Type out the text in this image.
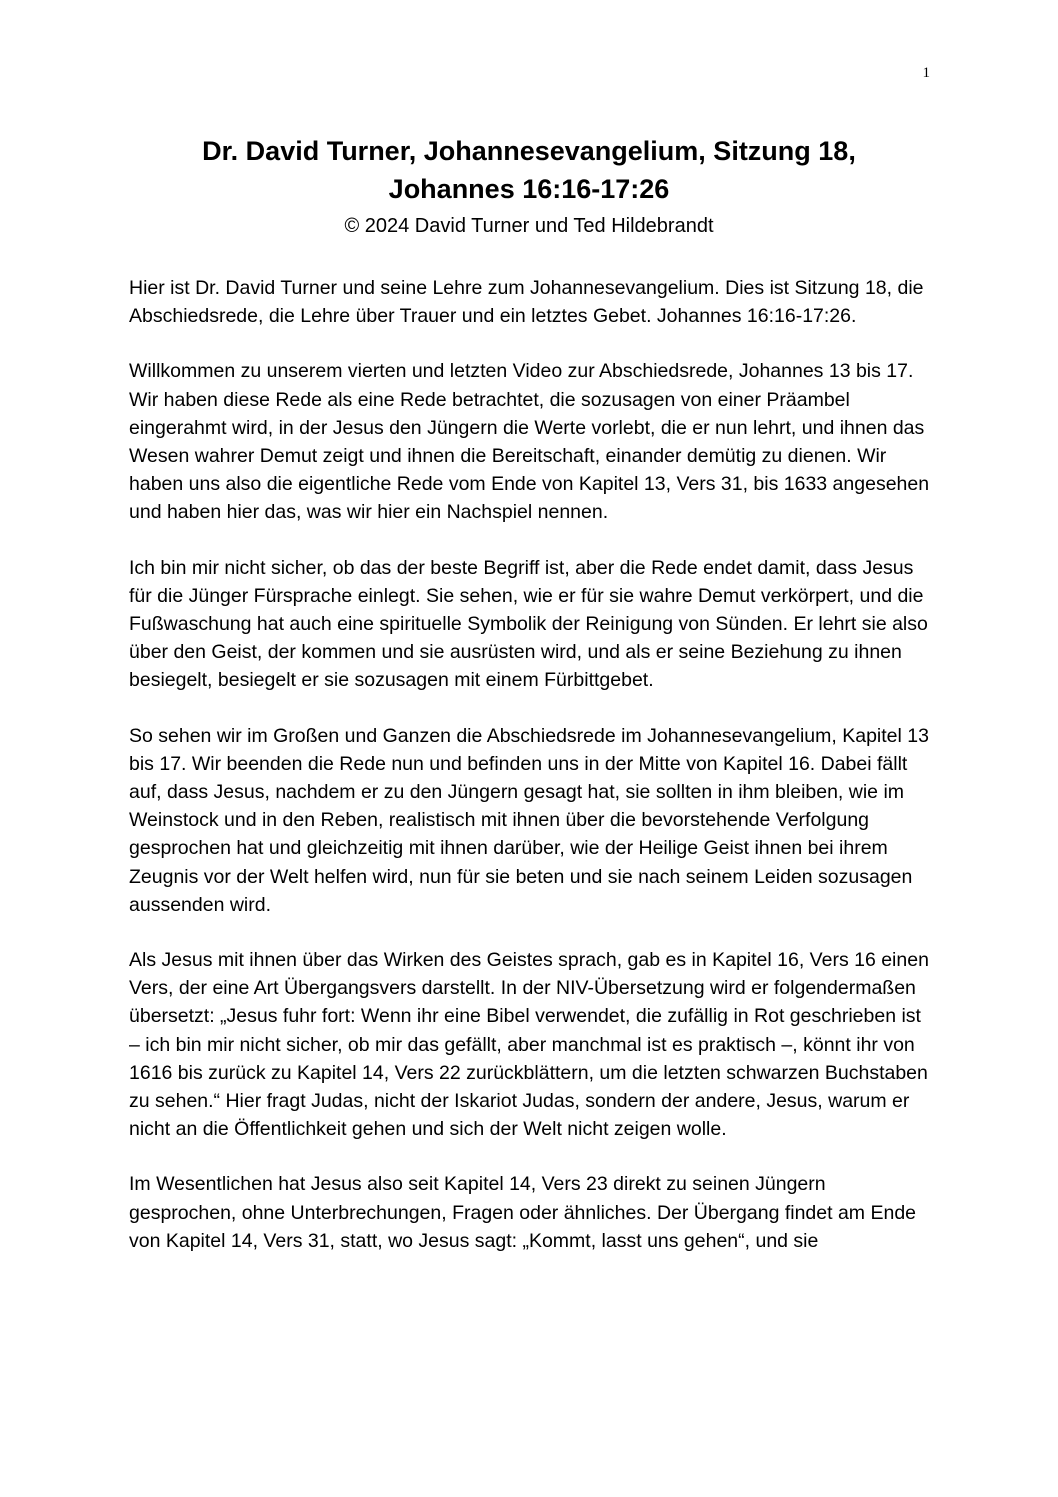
1
Dr. David Turner, Johannesevangelium, Sitzung 18,
Johannes 16:16-17:26
© 2024 David Turner und Ted Hildebrandt

Hier ist Dr. David Turner und seine Lehre zum Johannesevangelium. Dies ist Sitzung 18, die Abschiedsrede, die Lehre über Trauer und ein letztes Gebet. Johannes 16:16-17:26.

Willkommen zu unserem vierten und letzten Video zur Abschiedsrede, Johannes 13 bis 17. Wir haben diese Rede als eine Rede betrachtet, die sozusagen von einer Präambel eingerahmt wird, in der Jesus den Jüngern die Werte vorlebt, die er nun lehrt, und ihnen das Wesen wahrer Demut zeigt und ihnen die Bereitschaft, einander demütig zu dienen. Wir haben uns also die eigentliche Rede vom Ende von Kapitel 13, Vers 31, bis 1633 angesehen und haben hier das, was wir hier ein Nachspiel nennen.

Ich bin mir nicht sicher, ob das der beste Begriff ist, aber die Rede endet damit, dass Jesus für die Jünger Fürsprache einlegt. Sie sehen, wie er für sie wahre Demut verkörpert, und die Fußwaschung hat auch eine spirituelle Symbolik der Reinigung von Sünden. Er lehrt sie also über den Geist, der kommen und sie ausrüsten wird, und als er seine Beziehung zu ihnen besiegelt, besiegelt er sie sozusagen mit einem Fürbittgebet.

So sehen wir im Großen und Ganzen die Abschiedsrede im Johannesevangelium, Kapitel 13 bis 17. Wir beenden die Rede nun und befinden uns in der Mitte von Kapitel 16. Dabei fällt auf, dass Jesus, nachdem er zu den Jüngern gesagt hat, sie sollten in ihm bleiben, wie im Weinstock und in den Reben, realistisch mit ihnen über die bevorstehende Verfolgung gesprochen hat und gleichzeitig mit ihnen darüber, wie der Heilige Geist ihnen bei ihrem Zeugnis vor der Welt helfen wird, nun für sie beten und sie nach seinem Leiden sozusagen aussenden wird.

Als Jesus mit ihnen über das Wirken des Geistes sprach, gab es in Kapitel 16, Vers 16 einen Vers, der eine Art Übergangsvers darstellt. In der NIV-Übersetzung wird er folgendermaßen übersetzt: „Jesus fuhr fort: Wenn ihr eine Bibel verwendet, die zufällig in Rot geschrieben ist – ich bin mir nicht sicher, ob mir das gefällt, aber manchmal ist es praktisch –, könnt ihr von 1616 bis zurück zu Kapitel 14, Vers 22 zurückblättern, um die letzten schwarzen Buchstaben zu sehen.“ Hier fragt Judas, nicht der Iskariot Judas, sondern der andere, Jesus, warum er nicht an die Öffentlichkeit gehen und sich der Welt nicht zeigen wolle.

Im Wesentlichen hat Jesus also seit Kapitel 14, Vers 23 direkt zu seinen Jüngern gesprochen, ohne Unterbrechungen, Fragen oder ähnliches. Der Übergang findet am Ende von Kapitel 14, Vers 31, statt, wo Jesus sagt: „Kommt, lasst uns gehen“, und sie
